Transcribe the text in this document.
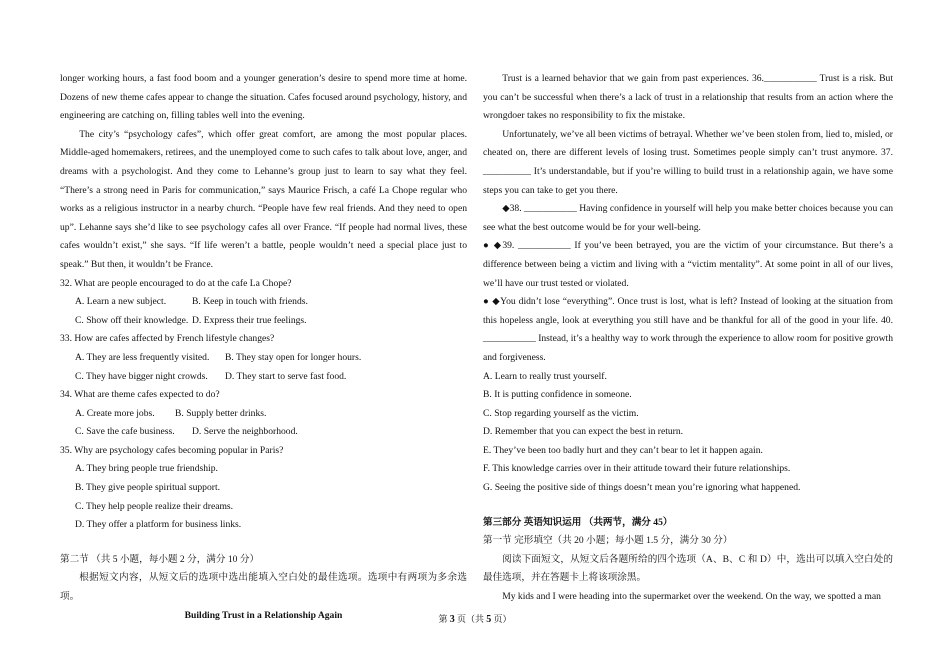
longer working hours, a fast food boom and a younger generation’s desire to spend more time at home. Dozens of new theme cafes appear to change the situation. Cafes focused around psychology, history, and engineering are catching on, filling tables well into the evening.

The city’s “psychology cafes”, which offer great comfort, are among the most popular places. Middle-aged homemakers, retirees, and the unemployed come to such cafes to talk about love, anger, and dreams with a psychologist. And they come to Lehanne’s group just to learn to say what they feel. “There’s a strong need in Paris for communication,” says Maurice Frisch, a café La Chope regular who works as a religious instructor in a nearby church. “People have few real friends. And they need to open up”. Lehanne says she’d like to see psychology cafes all over France. “If people had normal lives, these cafes wouldn’t exist,” she says. “If life weren’t a battle, people wouldn’t need a special place just to speak.” But then, it wouldn’t be France.

32. What are people encouraged to do at the cafe La Chope?

A. Learn a new subject.	B. Keep in touch with friends.

C. Show off their knowledge. D. Express their true feelings.

33. How are cafes affected by French lifestyle changes?

A. They are less frequently visited. B. They stay open for longer hours.

C. They have bigger night crowds. D. They start to serve fast food.

34. What are theme cafes expected to do?

A. Create more jobs. B. Supply better drinks.

C. Save the cafe business. D. Serve the neighborhood.

35. Why are psychology cafes becoming popular in Paris?

A. They bring people true friendship.

B. They give people spiritual support.

C. They help people realize their dreams.

D. They offer a platform for business links.

第二节 （共 5 小题，每小题 2 分，满分 10 分）

根据短文内容，从短文后的选项中选出能填入空白处的最佳选项。选项中有两项为多余选项。

Building Trust in a Relationship Again

Trust is a learned behavior that we gain from past experiences. 36.___________ Trust is a risk. But you can’t be successful when there’s a lack of trust in a relationship that results from an action where the wrongdoer takes no responsibility to fix the mistake.

Unfortunately, we’ve all been victims of betrayal. Whether we’ve been stolen from, lied to, misled, or cheated on, there are different levels of losing trust. Sometimes people simply can’t trust anymore. 37. __________ It’s understandable, but if you’re willing to build trust in a relationship again, we have some steps you can take to get you there.

◆38. ___________ Having confidence in yourself will help you make better choices because you can see what the best outcome would be for your well-being.

● ◆39. ___________ If you’ve been betrayed, you are the victim of your circumstance. But there’s a difference between being a victim and living with a “victim mentality”. At some point in all of our lives, we’ll have our trust tested or violated.

● ◆You didn’t lose “everything”. Once trust is lost, what is left? Instead of looking at the situation from this hopeless angle, look at everything you still have and be thankful for all of the good in your life. 40. ___________ Instead, it’s a healthy way to work through the experience to allow room for positive growth and forgiveness.

A. Learn to really trust yourself.

B. It is putting confidence in someone.

C. Stop regarding yourself as the victim.

D. Remember that you can expect the best in return.

E. They’ve been too badly hurt and they can’t bear to let it happen again.

F. This knowledge carries over in their attitude toward their future relationships.

G. Seeing the positive side of things doesn’t mean you’re ignoring what happened.

第三部分 英语知识运用 （共两节，满分 45）

第一节 完形填空（共 20 小题；每小题 1.5 分，满分 30 分）

阅读下面短文，从短文后各题所给的四个选项（A、B、C 和 D）中，选出可以填入空白处的最佳选项，并在答题卡上将该项涂黑。

My kids and I were heading into the supermarket over the weekend. On the way, we spotted a man

第 3 页（共 5 页）
